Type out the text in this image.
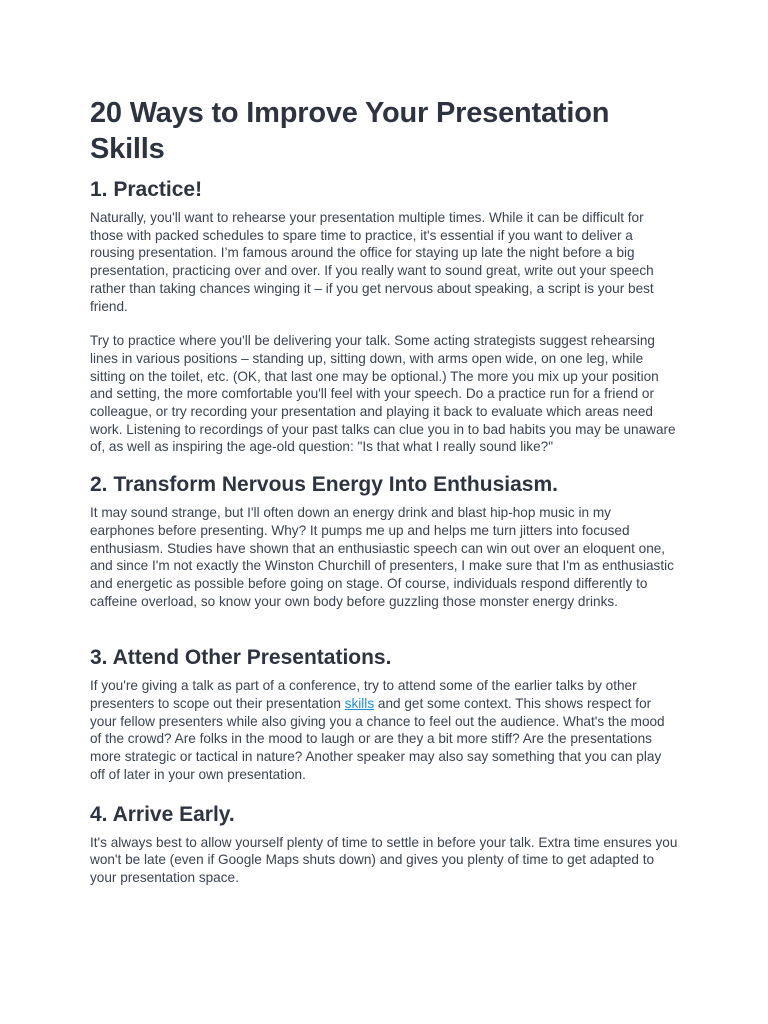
20 Ways to Improve Your Presentation Skills
1. Practice!

Naturally, you'll want to rehearse your presentation multiple times. While it can be difficult for those with packed schedules to spare time to practice, it's essential if you want to deliver a rousing presentation. I’m famous around the office for staying up late the night before a big presentation, practicing over and over. If you really want to sound great, write out your speech rather than taking chances winging it – if you get nervous about speaking, a script is your best friend.

Try to practice where you'll be delivering your talk. Some acting strategists suggest rehearsing lines in various positions – standing up, sitting down, with arms open wide, on one leg, while sitting on the toilet, etc. (OK, that last one may be optional.) The more you mix up your position and setting, the more comfortable you'll feel with your speech. Do a practice run for a friend or colleague, or try recording your presentation and playing it back to evaluate which areas need work. Listening to recordings of your past talks can clue you in to bad habits you may be unaware of, as well as inspiring the age-old question: "Is that what I really sound like?"

2. Transform Nervous Energy Into Enthusiasm.

It may sound strange, but I'll often down an energy drink and blast hip-hop music in my earphones before presenting. Why? It pumps me up and helps me turn jitters into focused enthusiasm. Studies have shown that an enthusiastic speech can win out over an eloquent one, and since I'm not exactly the Winston Churchill of presenters, I make sure that I'm as enthusiastic and energetic as possible before going on stage. Of course, individuals respond differently to caffeine overload, so know your own body before guzzling those monster energy drinks.

3. Attend Other Presentations.

If you're giving a talk as part of a conference, try to attend some of the earlier talks by other presenters to scope out their presentation skills and get some context. This shows respect for your fellow presenters while also giving you a chance to feel out the audience. What's the mood of the crowd? Are folks in the mood to laugh or are they a bit more stiff? Are the presentations more strategic or tactical in nature? Another speaker may also say something that you can play off of later in your own presentation.

4. Arrive Early.

It's always best to allow yourself plenty of time to settle in before your talk. Extra time ensures you won't be late (even if Google Maps shuts down) and gives you plenty of time to get adapted to your presentation space.
